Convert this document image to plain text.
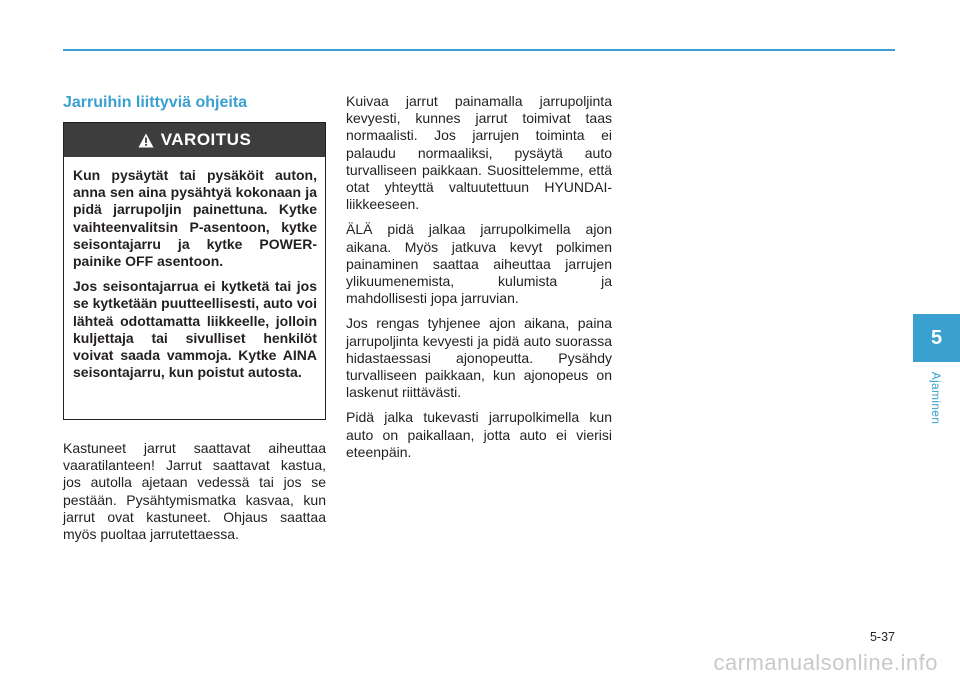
Jarruihin liittyviä ohjeita
VAROITUS

Kun pysäytät tai pysäköit auton, anna sen aina pysähtyä kokonaan ja pidä jarrupoljin painettuna. Kytke vaihteenvalitsin P-asentoon, kytke seisontajarru ja kytke POWER-painike OFF asentoon.

Jos seisontajarrua ei kytketä tai jos se kytketään puutteellisesti, auto voi lähteä odottamatta liikkeelle, jolloin kuljettaja tai sivulliset henkilöt voivat saada vammoja. Kytke AINA seisontajarru, kun poistut autosta.

Kastuneet jarrut saattavat aiheuttaa vaaratilanteen! Jarrut saattavat kastua, jos autolla ajetaan vedessä tai jos se pestään. Pysähtymismatka kasvaa, kun jarrut ovat kastuneet. Ohjaus saattaa myös puoltaa jarrutettaessa.

Kuivaa jarrut painamalla jarrupoljinta kevyesti, kunnes jarrut toimivat taas normaalisti. Jos jarrujen toiminta ei palaudu normaaliksi, pysäytä auto turvalliseen paikkaan. Suosittelemme, että otat yhteyttä valtuutettuun HYUNDAI-liikkeeseen.

ÄLÄ pidä jalkaa jarrupolkimella ajon aikana. Myös jatkuva kevyt polkimen painaminen saattaa aiheuttaa jarrujen ylikuumenemista, kulumista ja mahdollisesti jopa jarruvian.

Jos rengas tyhjenee ajon aikana, paina jarrupoljinta kevyesti ja pidä auto suorassa hidastaessasi ajonopeutta. Pysähdy turvalliseen paikkaan, kun ajonopeus on laskenut riittävästi.

Pidä jalka tukevasti jarrupolkimella kun auto on paikallaan, jotta auto ei vierisi eteenpäin.

5
Ajaminen
5-37
carmanualsonline.info
